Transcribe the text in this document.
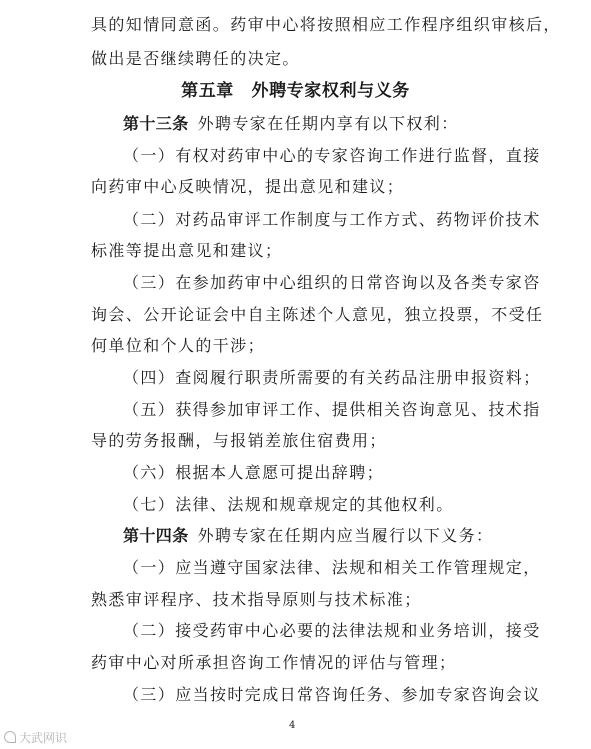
具的知情同意函。药审中心将按照相应工作程序组织审核后，
做出是否继续聘任的决定。
第五章　外聘专家权利与义务
第十三条 外聘专家在任期内享有以下权利：
（一）有权对药审中心的专家咨询工作进行监督，直接
向药审中心反映情况，提出意见和建议；
（二）对药品审评工作制度与工作方式、药物评价技术
标准等提出意见和建议；
（三）在参加药审中心组织的日常咨询以及各类专家咨
询会、公开论证会中自主陈述个人意见，独立投票，不受任
何单位和个人的干涉；
（四）查阅履行职责所需要的有关药品注册申报资料；
（五）获得参加审评工作、提供相关咨询意见、技术指
导的劳务报酬，与报销差旅住宿费用；
（六）根据本人意愿可提出辞聘；
（七）法律、法规和规章规定的其他权利。
第十四条 外聘专家在任期内应当履行以下义务：
（一）应当遵守国家法律、法规和相关工作管理规定，
熟悉审评程序、技术指导原则与技术标准；
（二）接受药审中心必要的法律法规和业务培训，接受
药审中心对所承担咨询工作情况的评估与管理；
（三）应当按时完成日常咨询任务、参加专家咨询会议
4
大武网识
